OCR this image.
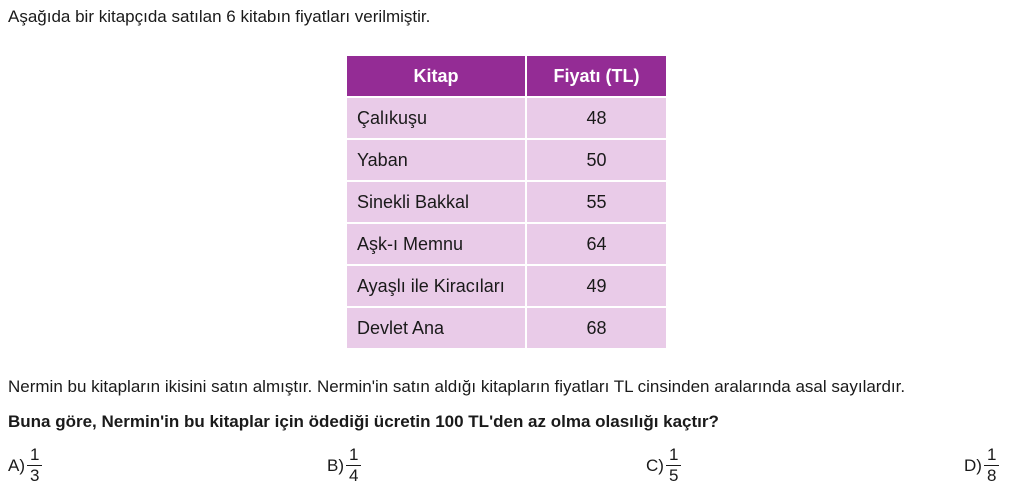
Aşağıda bir kitapçıda satılan 6 kitabın fiyatları verilmiştir.

Kitap	Fiyatı (TL)
Çalıkuşu	48
Yaban	50
Sinekli Bakkal	55
Aşk-ı Memnu	64
Ayaşlı ile Kiracıları	49
Devlet Ana	68

Nermin bu kitapların ikisini satın almıştır. Nermin'in satın aldığı kitapların fiyatları TL cinsinden aralarında asal sayılardır.

Buna göre, Nermin'in bu kitaplar için ödediği ücretin 100 TL'den az olma olasılığı kaçtır?

$A) \frac{1}{3}$	$B) \frac{1}{4}$	$C) \frac{1}{5}$	$D) \frac{1}{8}$
